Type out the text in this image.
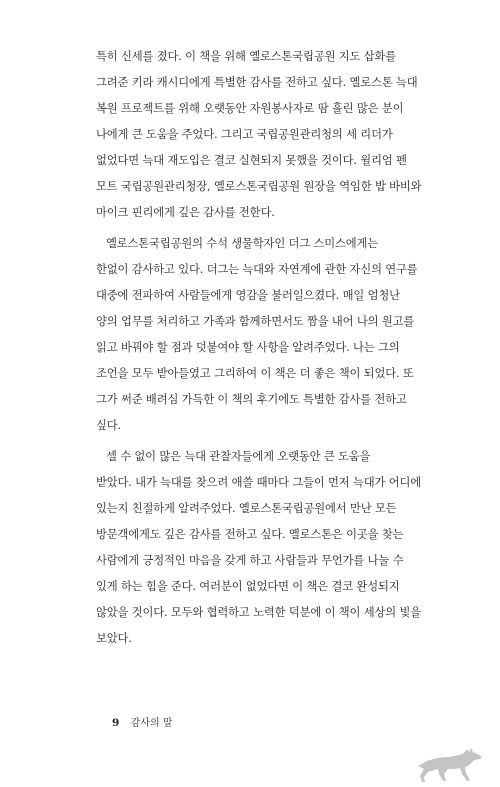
특히 신세를 졌다. 이 책을 위해 옐로스톤국립공원 지도 삽화를
그려준 키라 캐시디에게 특별한 감사를 전하고 싶다. 옐로스톤 늑대
복원 프로젝트를 위해 오랫동안 자원봉사자로 땀 흘린 많은 분이
나에게 큰 도움을 주었다. 그리고 국립공원관리청의 세 리더가
없었다면 늑대 재도입은 결코 실현되지 못했을 것이다. 윌리엄 펜
모트 국립공원관리청장, 옐로스톤국립공원 원장을 역임한 밥 바비와
마이크 핀리에게 깊은 감사를 전한다.
옐로스톤국립공원의 수석 생물학자인 더그 스미스에게는
한없이 감사하고 있다. 더그는 늑대와 자연계에 관한 자신의 연구를
대중에 전파하여 사람들에게 영감을 불러일으켰다. 매일 엄청난
양의 업무를 처리하고 가족과 함께하면서도 짬을 내어 나의 원고를
읽고 바꿔야 할 점과 덧붙여야 할 사항을 알려주었다. 나는 그의
조언을 모두 받아들였고 그리하여 이 책은 더 좋은 책이 되었다. 또
그가 써준 배려심 가득한 이 책의 후기에도 특별한 감사를 전하고
싶다.
셀 수 없이 많은 늑대 관찰자들에게 오랫동안 큰 도움을
받았다. 내가 늑대를 찾으려 애쓸 때마다 그들이 먼저 늑대가 어디에
있는지 친절하게 알려주었다. 옐로스톤국립공원에서 만난 모든
방문객에게도 깊은 감사를 전하고 싶다. 옐로스톤은 이곳을 찾는
사람에게 긍정적인 마음을 갖게 하고 사람들과 무언가를 나눌 수
있게 하는 힘을 준다. 여러분이 없었다면 이 책은 결코 완성되지
않았을 것이다. 모두와 협력하고 노력한 덕분에 이 책이 세상의 빛을
보았다.
9 감사의 말
